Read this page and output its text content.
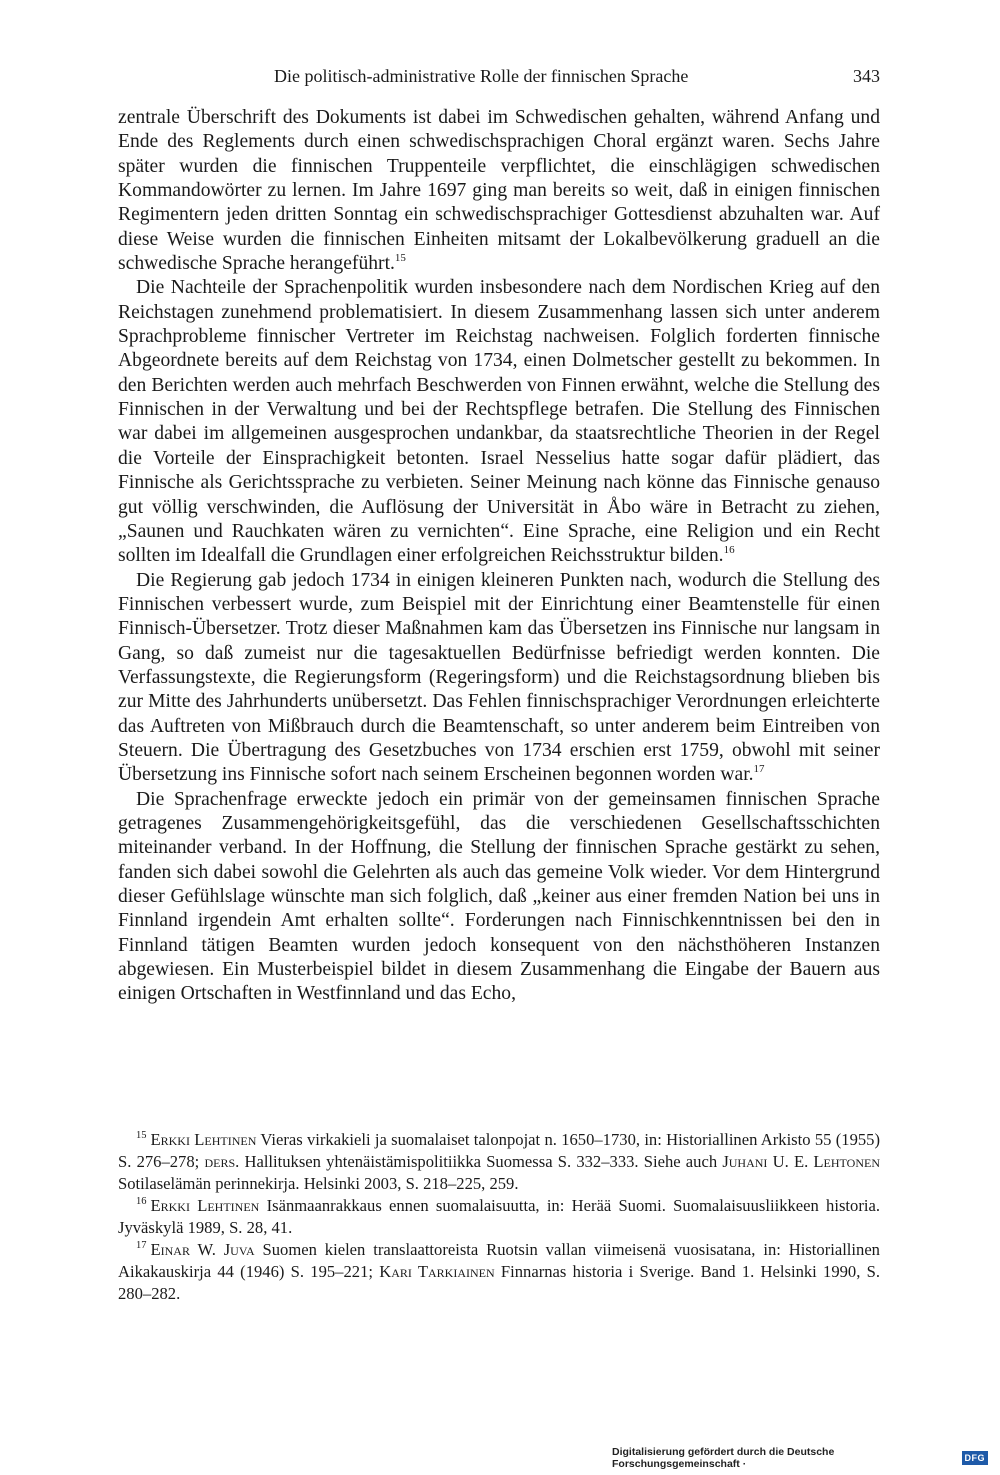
Die politisch-administrative Rolle der finnischen Sprache	343

zentrale Überschrift des Dokuments ist dabei im Schwedischen gehalten, während Anfang und Ende des Reglements durch einen schwedischsprachigen Choral ergänzt waren. Sechs Jahre später wurden die finnischen Truppenteile verpflichtet, die einschlägigen schwedischen Kommandowörter zu lernen. Im Jahre 1697 ging man bereits so weit, daß in einigen finnischen Regimentern jeden dritten Sonntag ein schwedischsprachiger Gottesdienst abzuhalten war. Auf diese Weise wurden die finnischen Einheiten mitsamt der Lokalbevölkerung graduell an die schwedische Sprache herangeführt.$^{15}$

Die Nachteile der Sprachenpolitik wurden insbesondere nach dem Nordischen Krieg auf den Reichstagen zunehmend problematisiert. In diesem Zusammenhang lassen sich unter anderem Sprachprobleme finnischer Vertreter im Reichstag nachweisen. Folglich forderten finnische Abgeordnete bereits auf dem Reichstag von 1734, einen Dolmetscher gestellt zu bekommen. In den Berichten werden auch mehrfach Beschwerden von Finnen erwähnt, welche die Stellung des Finnischen in der Verwaltung und bei der Rechtspflege betrafen. Die Stellung des Finnischen war dabei im allgemeinen ausgesprochen undankbar, da staatsrechtliche Theorien in der Regel die Vorteile der Einsprachigkeit betonten. Israel Nesselius hatte sogar dafür plädiert, das Finnische als Gerichtssprache zu verbieten. Seiner Meinung nach könne das Finnische genauso gut völlig verschwinden, die Auflösung der Universität in Åbo wäre in Betracht zu ziehen, „Saunen und Rauchkaten wären zu vernichten“. Eine Sprache, eine Religion und ein Recht sollten im Idealfall die Grundlagen einer erfolgreichen Reichsstruktur bilden.$^{16}$

Die Regierung gab jedoch 1734 in einigen kleineren Punkten nach, wodurch die Stellung des Finnischen verbessert wurde, zum Beispiel mit der Einrichtung einer Beamtenstelle für einen Finnisch-Übersetzer. Trotz dieser Maßnahmen kam das Übersetzen ins Finnische nur langsam in Gang, so daß zumeist nur die tagesaktuellen Bedürfnisse befriedigt werden konnten. Die Verfassungstexte, die Regierungsform (Regeringsform) und die Reichstagsordnung blieben bis zur Mitte des Jahrhunderts unübersetzt. Das Fehlen finnischsprachiger Verordnungen erleichterte das Auftreten von Mißbrauch durch die Beamtenschaft, so unter anderem beim Eintreiben von Steuern. Die Übertragung des Gesetzbuches von 1734 erschien erst 1759, obwohl mit seiner Übersetzung ins Finnische sofort nach seinem Erscheinen begonnen worden war.$^{17}$

Die Sprachenfrage erweckte jedoch ein primär von der gemeinsamen finnischen Sprache getragenes Zusammengehörigkeitsgefühl, das die verschiedenen Gesellschaftsschichten miteinander verband. In der Hoffnung, die Stellung der finnischen Sprache gestärkt zu sehen, fanden sich dabei sowohl die Gelehrten als auch das gemeine Volk wieder. Vor dem Hintergrund dieser Gefühlslage wünschte man sich folglich, daß „keiner aus einer fremden Nation bei uns in Finnland irgendein Amt erhalten sollte“. Forderungen nach Finnischkenntnissen bei den in Finnland tätigen Beamten wurden jedoch konsequent von den nächsthöheren Instanzen abgewiesen. Ein Musterbeispiel bildet in diesem Zusammenhang die Eingabe der Bauern aus einigen Ortschaften in Westfinnland und das Echo,

$^{15}$ Erkki Lehtinen Vieras virkakieli ja suomalaiset talonpojat n. 1650–1730, in: Historiallinen Arkisto 55 (1955) S. 276–278; ders. Hallituksen yhtenäistämispolitiikka Suomessa S. 332–333. Siehe auch Juhani U. E. Lehtonen Sotilaselämän perinnekirja. Helsinki 2003, S. 218–225, 259.

$^{16}$ Erkki Lehtinen Isänmaanrakkaus ennen suomalaisuutta, in: Herää Suomi. Suomalaisuusliikkeen historia. Jyväskylä 1989, S. 28, 41.

$^{17}$ Einar W. Juva Suomen kielen translaattoreista Ruotsin vallan viimeisenä vuosisatana, in: Historiallinen Aikakauskirja 44 (1946) S. 195–221; Kari Tarkiainen Finnarnas historia i Sverige. Band 1. Helsinki 1990, S. 280–282.

Digitalisierung gefördert durch die Deutsche Forschungsgemeinschaft ·	DFG
